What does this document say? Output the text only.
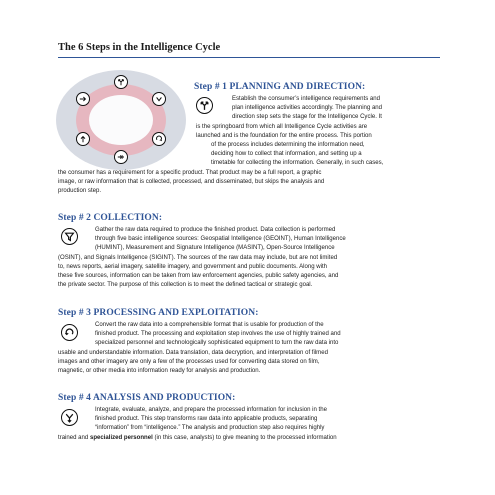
The 6 Steps in the Intelligence Cycle
Step # 1 PLANNING AND DIRECTION:
Establish the consumer’s intelligence requirements and
plan intelligence activities accordingly. The planning and
direction step sets the stage for the Intelligence Cycle. It
is the springboard from which all Intelligence Cycle activities are
launched and is the foundation for the entire process. This portion
of the process includes determining the information need,
deciding how to collect that information, and setting up a
timetable for collecting the information. Generally, in such cases,
the consumer has a requirement for a specific product. That product may be a full report, a graphic
image, or raw information that is collected, processed, and disseminated, but skips the analysis and
production step.
Step # 2 COLLECTION:
Gather the raw data required to produce the finished product. Data collection is performed
through five basic intelligence sources: Geospatial Intelligence (GEOINT), Human Intelligence
(HUMINT), Measurement and Signature Intelligence (MASINT), Open-Source Intelligence
(OSINT), and Signals Intelligence (SIGINT). The sources of the raw data may include, but are not limited
to, news reports, aerial imagery, satellite imagery, and government and public documents. Along with
these five sources, information can be taken from law enforcement agencies, public safety agencies, and
the private sector. The purpose of this collection is to meet the defined tactical or strategic goal.
Step # 3 PROCESSING AND EXPLOITATION:
Convert the raw data into a comprehensible format that is usable for production of the
finished product. The processing and exploitation step involves the use of highly trained and
specialized personnel and technologically sophisticated equipment to turn the raw data into
usable and understandable information. Data translation, data decryption, and interpretation of filmed
images and other imagery are only a few of the processes used for converting data stored on film,
magnetic, or other media into information ready for analysis and production.
Step # 4 ANALYSIS AND PRODUCTION:
Integrate, evaluate, analyze, and prepare the processed information for inclusion in the
finished product. This step transforms raw data into applicable products, separating
“information” from “intelligence.” The analysis and production step also requires highly
trained and specialized personnel (in this case, analysts) to give meaning to the processed information
